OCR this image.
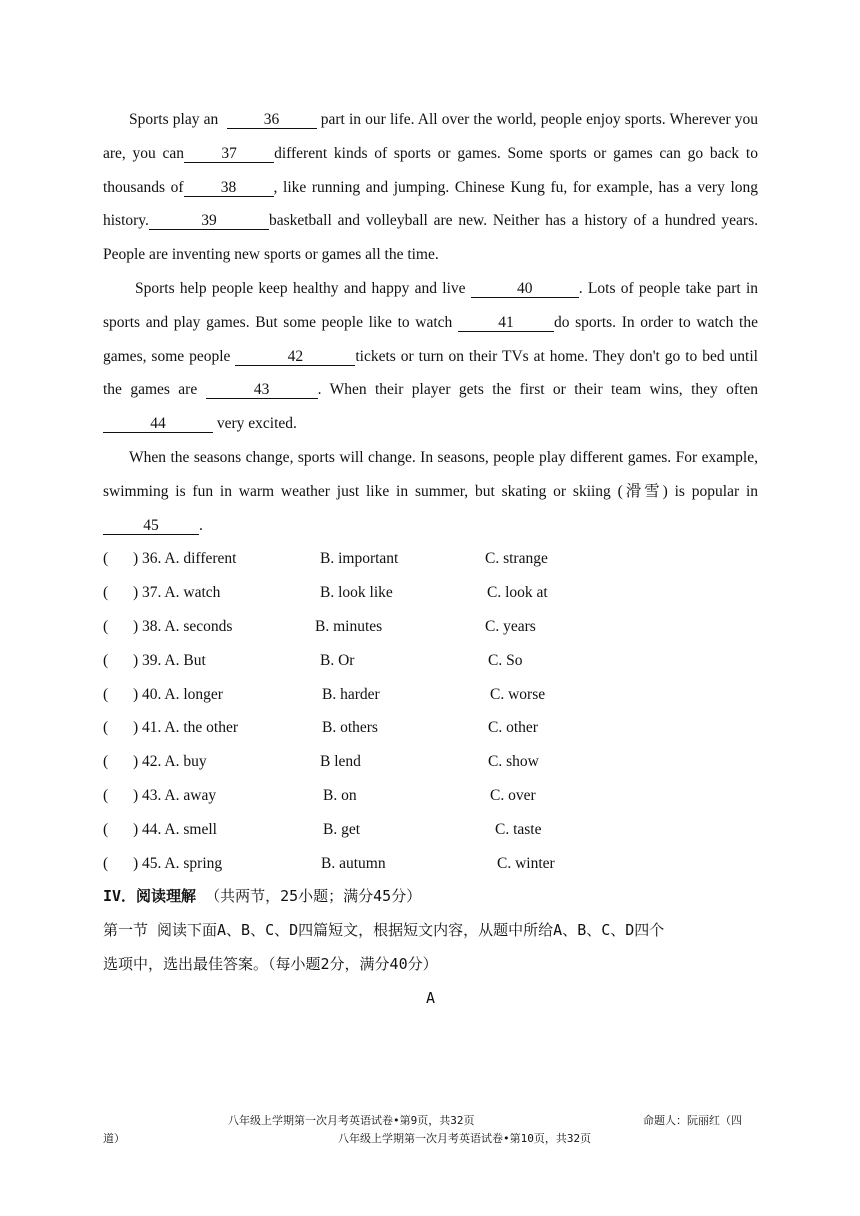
Sports play an	36 part in our life. All over the world, people enjoy sports. Wherever you are, you can 37 different kinds of sports or games. Some sports or games can go back to thousands of 38 , like running and jumping. Chinese Kung fu, for example, has a very long history.	39	basketball and volleyball are new. Neither has a history of a hundred years. People are inventing new sports or games all the time.

Sports help people keep healthy and happy and live	40	. Lots of people take part in sports and play games. But some people like to watch	41	do sports. In order to watch the games, some people	42	tickets or turn on their TVs at home. They don't go to bed until the games are	43	. When their player gets the first or their team wins, they often 44	very excited.

When the seasons change, sports will change. In seasons, people play different games. For example, swimming is fun in warm weather just like in summer, but skating or skiing (滑雪) is popular in 45	.

( ) 36. A. different	B. important	C. strange
( ) 37. A. watch	B. look like	C. look at
( ) 38. A. seconds	B. minutes	C. years
( ) 39. A. But	B. Or	C. So
( ) 40. A. longer	B. harder	C. worse
( ) 41. A. the other	B. others	C. other
( ) 42. A. buy	B lend	C. show
( ) 43. A. away	B. on	C. over
( ) 44. A. smell	B. get	C. taste
( ) 45. A. spring	B. autumn	C. winter
IV．阅读理解 （共两节，25小题；满分45分）

第一节 阅读下面A、B、C、D四篇短文，根据短文内容，从题中所给A、B、C、D四个

选项中，选出最佳答案。（每小题2分，满分40分）

A

八年级上学期第一次月考英语试卷•第9页，共32页	命题人：阮丽红（四
道）	八年级上学期第一次月考英语试卷•第10页，共32页
